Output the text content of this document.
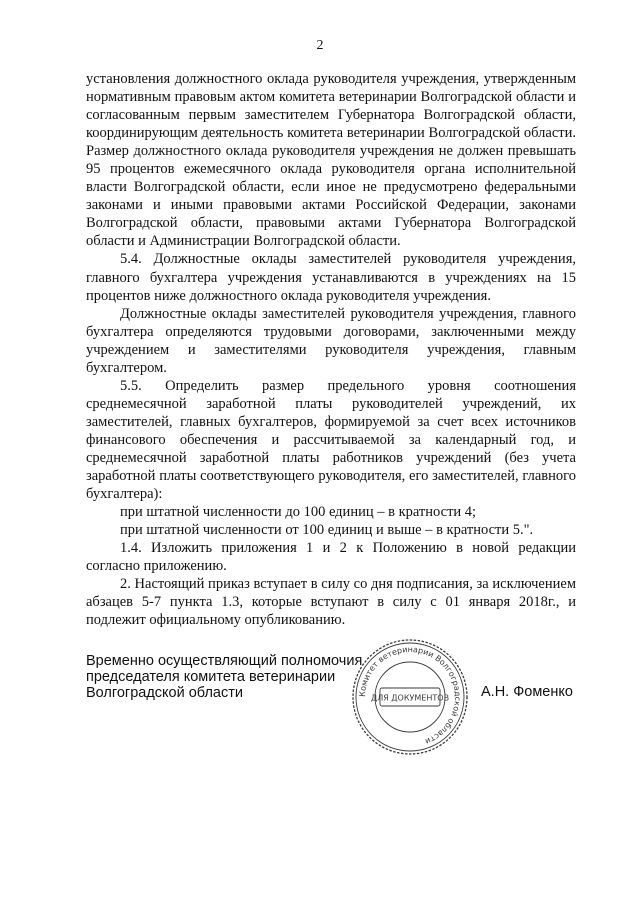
2

установления должностного оклада руководителя учреждения, утвержденным нормативным правовым актом комитета ветеринарии Волгоградской области и согласованным первым заместителем Губернатора Волгоградской области, координирующим деятельность комитета ветеринарии Волгоградской области. Размер должностного оклада руководителя учреждения не должен превышать 95 процентов ежемесячного оклада руководителя органа исполнительной власти Волгоградской области, если иное не предусмотрено федеральными законами и иными правовыми актами Российской Федерации, законами Волгоградской области, правовыми актами Губернатора Волгоградской области и Администрации Волгоградской области.

5.4. Должностные оклады заместителей руководителя учреждения, главного бухгалтера учреждения устанавливаются в учреждениях на 15 процентов ниже должностного оклада руководителя учреждения.

Должностные оклады заместителей руководителя учреждения, главного бухгалтера определяются трудовыми договорами, заключенными между учреждением и заместителями руководителя учреждения, главным бухгалтером.

5.5. Определить размер предельного уровня соотношения среднемесячной заработной платы руководителей учреждений, их заместителей, главных бухгалтеров, формируемой за счет всех источников финансового обеспечения и рассчитываемой за календарный год, и среднемесячной заработной платы работников учреждений (без учета заработной платы соответствующего руководителя, его заместителей, главного бухгалтера):

при штатной численности до 100 единиц – в кратности 4;

при штатной численности от 100 единиц и выше – в кратности 5.".

1.4. Изложить приложения 1 и 2 к Положению в новой редакции согласно приложению.

2. Настоящий приказ вступает в силу со дня подписания, за исключением абзацев 5-7 пункта 1.3, которые вступают в силу с 01 января 2018г., и подлежит официальному опубликованию.

Временно осуществляющий полномочия
председателя комитета ветеринарии
Волгоградской области	Комитет ветеринарии Волгоградской области
ДЛЯ ДОКУМЕНТОВ А.Н. Фоменко
